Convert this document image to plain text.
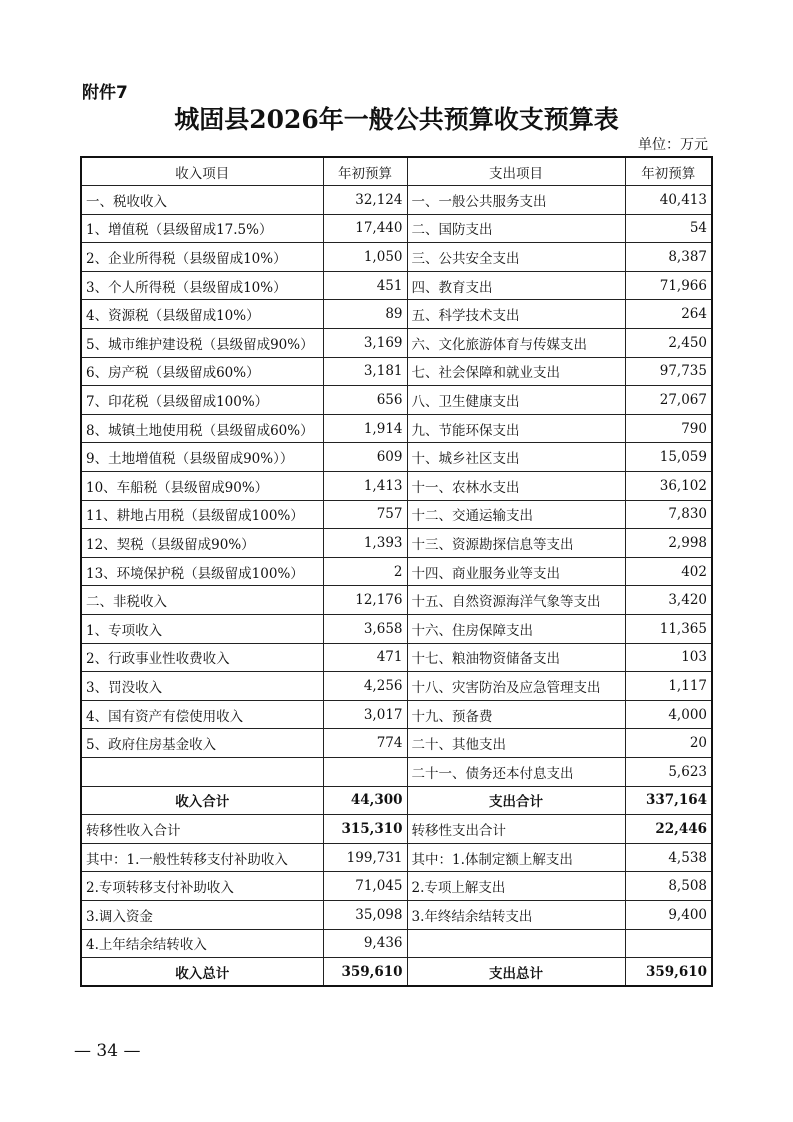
附件7
城固县2026年一般公共预算收支预算表
单位：万元
收入项目	年初预算	支出项目	年初预算
一、税收收入	32,124	一、一般公共服务支出	40,413
1、增值税（县级留成17.5%）	17,440	二、国防支出	54
2、企业所得税（县级留成10%）	1,050	三、公共安全支出	8,387
3、个人所得税（县级留成10%）	451	四、教育支出	71,966
4、资源税（县级留成10%）	89	五、科学技术支出	264
5、城市维护建设税（县级留成90%）	3,169	六、文化旅游体育与传媒支出	2,450
6、房产税（县级留成60%）	3,181	七、社会保障和就业支出	97,735
7、印花税（县级留成100%）	656	八、卫生健康支出	27,067
8、城镇土地使用税（县级留成60%）	1,914	九、节能环保支出	790
9、土地增值税（县级留成90%））	609	十、城乡社区支出	15,059
10、车船税（县级留成90%）	1,413	十一、农林水支出	36,102
11、耕地占用税（县级留成100%）	757	十二、交通运输支出	7,830
12、契税（县级留成90%）	1,393	十三、资源勘探信息等支出	2,998
13、环境保护税（县级留成100%）	2	十四、商业服务业等支出	402
二、非税收入	12,176	十五、自然资源海洋气象等支出	3,420
1、专项收入	3,658	十六、住房保障支出	11,365
2、行政事业性收费收入	471	十七、粮油物资储备支出	103
3、罚没收入	4,256	十八、灾害防治及应急管理支出	1,117
4、国有资产有偿使用收入	3,017	十九、预备费	4,000
5、政府住房基金收入	774	二十、其他支出	20
		二十一、债务还本付息支出	5,623
收入合计	44,300	支出合计	337,164
转移性收入合计	315,310	转移性支出合计	22,446
其中：1.一般性转移支付补助收入	199,731	其中：1.体制定额上解支出	4,538
2.专项转移支付补助收入	71,045	2.专项上解支出	8,508
3.调入资金	35,098	3.年终结余结转支出	9,400
4.上年结余结转收入	9,436		
收入总计	359,610	支出总计	359,610
— 34 —
